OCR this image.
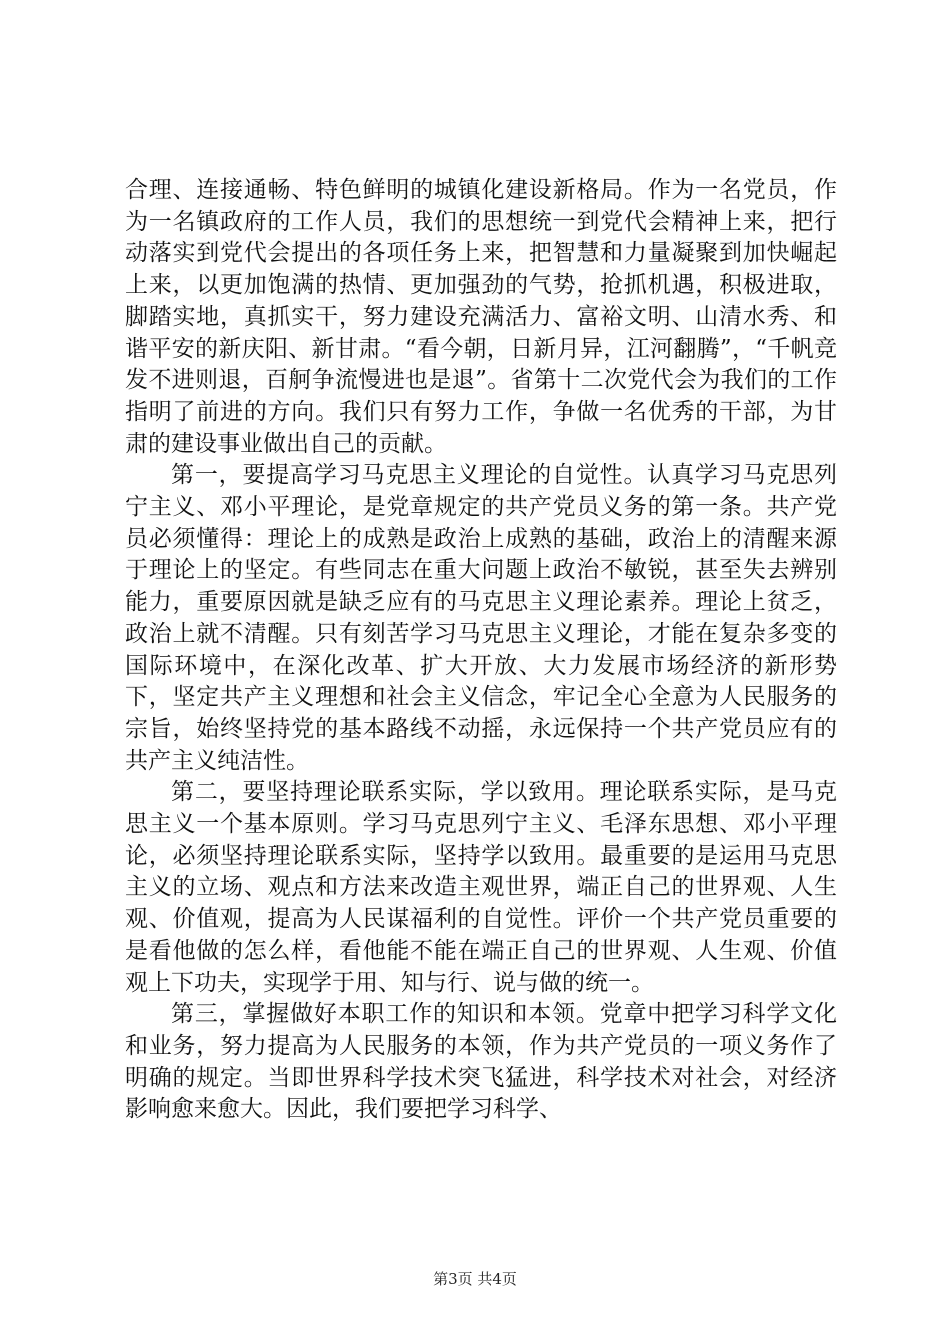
合理、连接通畅、特色鲜明的城镇化建设新格局。作为一名党员，作为一名镇政府的工作人员，我们的思想统一到党代会精神上来，把行动落实到党代会提出的各项任务上来，把智慧和力量凝聚到加快崛起上来，以更加饱满的热情、更加强劲的气势，抢抓机遇，积极进取，脚踏实地，真抓实干，努力建设充满活力、富裕文明、山清水秀、和谐平安的新庆阳、新甘肃。“看今朝，日新月异，江河翻腾”，“千帆竞发不进则退，百舸争流慢进也是退”。省第十二次党代会为我们的工作指明了前进的方向。我们只有努力工作，争做一名优秀的干部，为甘肃的建设事业做出自己的贡献。

第一，要提高学习马克思主义理论的自觉性。认真学习马克思列宁主义、邓小平理论，是党章规定的共产党员义务的第一条。共产党员必须懂得：理论上的成熟是政治上成熟的基础，政治上的清醒来源于理论上的坚定。有些同志在重大问题上政治不敏锐，甚至失去辨别能力，重要原因就是缺乏应有的马克思主义理论素养。理论上贫乏，政治上就不清醒。只有刻苦学习马克思主义理论，才能在复杂多变的国际环境中，在深化改革、扩大开放、大力发展市场经济的新形势下，坚定共产主义理想和社会主义信念，牢记全心全意为人民服务的宗旨，始终坚持党的基本路线不动摇，永远保持一个共产党员应有的共产主义纯洁性。

第二，要坚持理论联系实际，学以致用。理论联系实际，是马克思主义一个基本原则。学习马克思列宁主义、毛泽东思想、邓小平理论，必须坚持理论联系实际，坚持学以致用。最重要的是运用马克思主义的立场、观点和方法来改造主观世界，端正自己的世界观、人生观、价值观，提高为人民谋福利的自觉性。评价一个共产党员重要的是看他做的怎么样，看他能不能在端正自己的世界观、人生观、价值观上下功夫，实现学于用、知与行、说与做的统一。

第三，掌握做好本职工作的知识和本领。党章中把学习科学文化和业务，努力提高为人民服务的本领，作为共产党员的一项义务作了明确的规定。当即世界科学技术突飞猛进，科学技术对社会，对经济影响愈来愈大。因此，我们要把学习科学、

第3页 共4页
